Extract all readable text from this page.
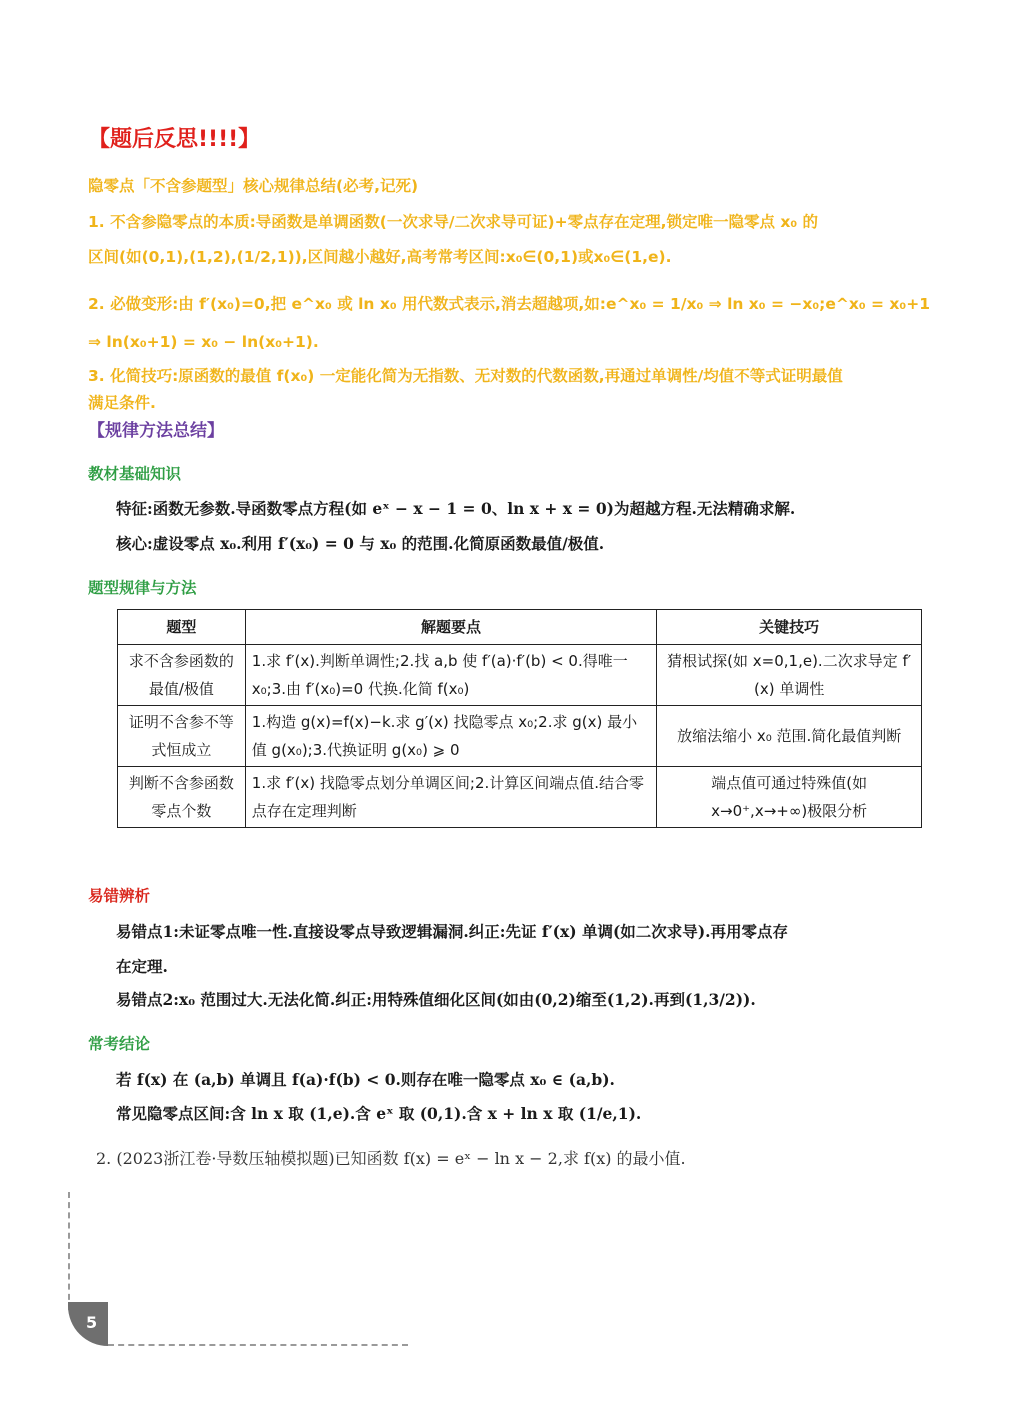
【题后反思!!!!】
隐零点「不含参题型」核心规律总结(必考,记死)
1. 不含参隐零点的本质:导函数是单调函数(一次求导/二次求导可证)+零点存在定理,锁定唯一隐零点 x₀ 的
区间(如(0,1),(1,2),(1/2,1)),区间越小越好,高考常考区间:x₀∈(0,1)或x₀∈(1,e).
2. 必做变形:由 f′(x₀)=0,把 e^x₀ 或 ln x₀ 用代数式表示,消去超越项,如:e^x₀ = 1/x₀ ⇒ ln x₀ = −x₀;e^x₀ = x₀+1
⇒ ln(x₀+1) = x₀ − ln(x₀+1).
3. 化简技巧:原函数的最值 f(x₀) 一定能化简为无指数、无对数的代数函数,再通过单调性/均值不等式证明最值
满足条件.
【规律方法总结】
教材基础知识
特征:函数无参数.导函数零点方程(如 eˣ − x − 1 = 0、ln x + x = 0)为超越方程.无法精确求解.
核心:虚设零点 x₀.利用 f′(x₀) = 0 与 x₀ 的范围.化简原函数最值/极值.
题型规律与方法
题型	解题要点	关键技巧
求不含参函数的最值/极值	1.求 f′(x).判断单调性;2.找 a,b 使 f′(a)·f′(b) < 0.得唯一 x₀;3.由 f′(x₀)=0 代换.化简 f(x₀)	猜根试探(如 x=0,1,e).二次求导定 f′(x) 单调性
证明不含参不等式恒成立	1.构造 g(x)=f(x)−k.求 g′(x) 找隐零点 x₀;2.求 g(x) 最小值 g(x₀);3.代换证明 g(x₀) ⩾ 0	放缩法缩小 x₀ 范围.简化最值判断
判断不含参函数零点个数	1.求 f′(x) 找隐零点划分单调区间;2.计算区间端点值.结合零点存在定理判断	端点值可通过特殊值(如 x→0⁺,x→+∞)极限分析
易错辨析
易错点1:未证零点唯一性.直接设零点导致逻辑漏洞.纠正:先证 f′(x) 单调(如二次求导).再用零点存
在定理.
易错点2:x₀ 范围过大.无法化简.纠正:用特殊值细化区间(如由(0,2)缩至(1,2).再到(1,3/2)).
常考结论
若 f(x) 在 (a,b) 单调且 f(a)·f(b) < 0.则存在唯一隐零点 x₀ ∈ (a,b).
常见隐零点区间:含 ln x 取 (1,e).含 eˣ 取 (0,1).含 x + ln x 取 (1/e,1).
2. (2023浙江卷·导数压轴模拟题)已知函数 f(x) = eˣ − ln x − 2,求 f(x) 的最小值.
5
